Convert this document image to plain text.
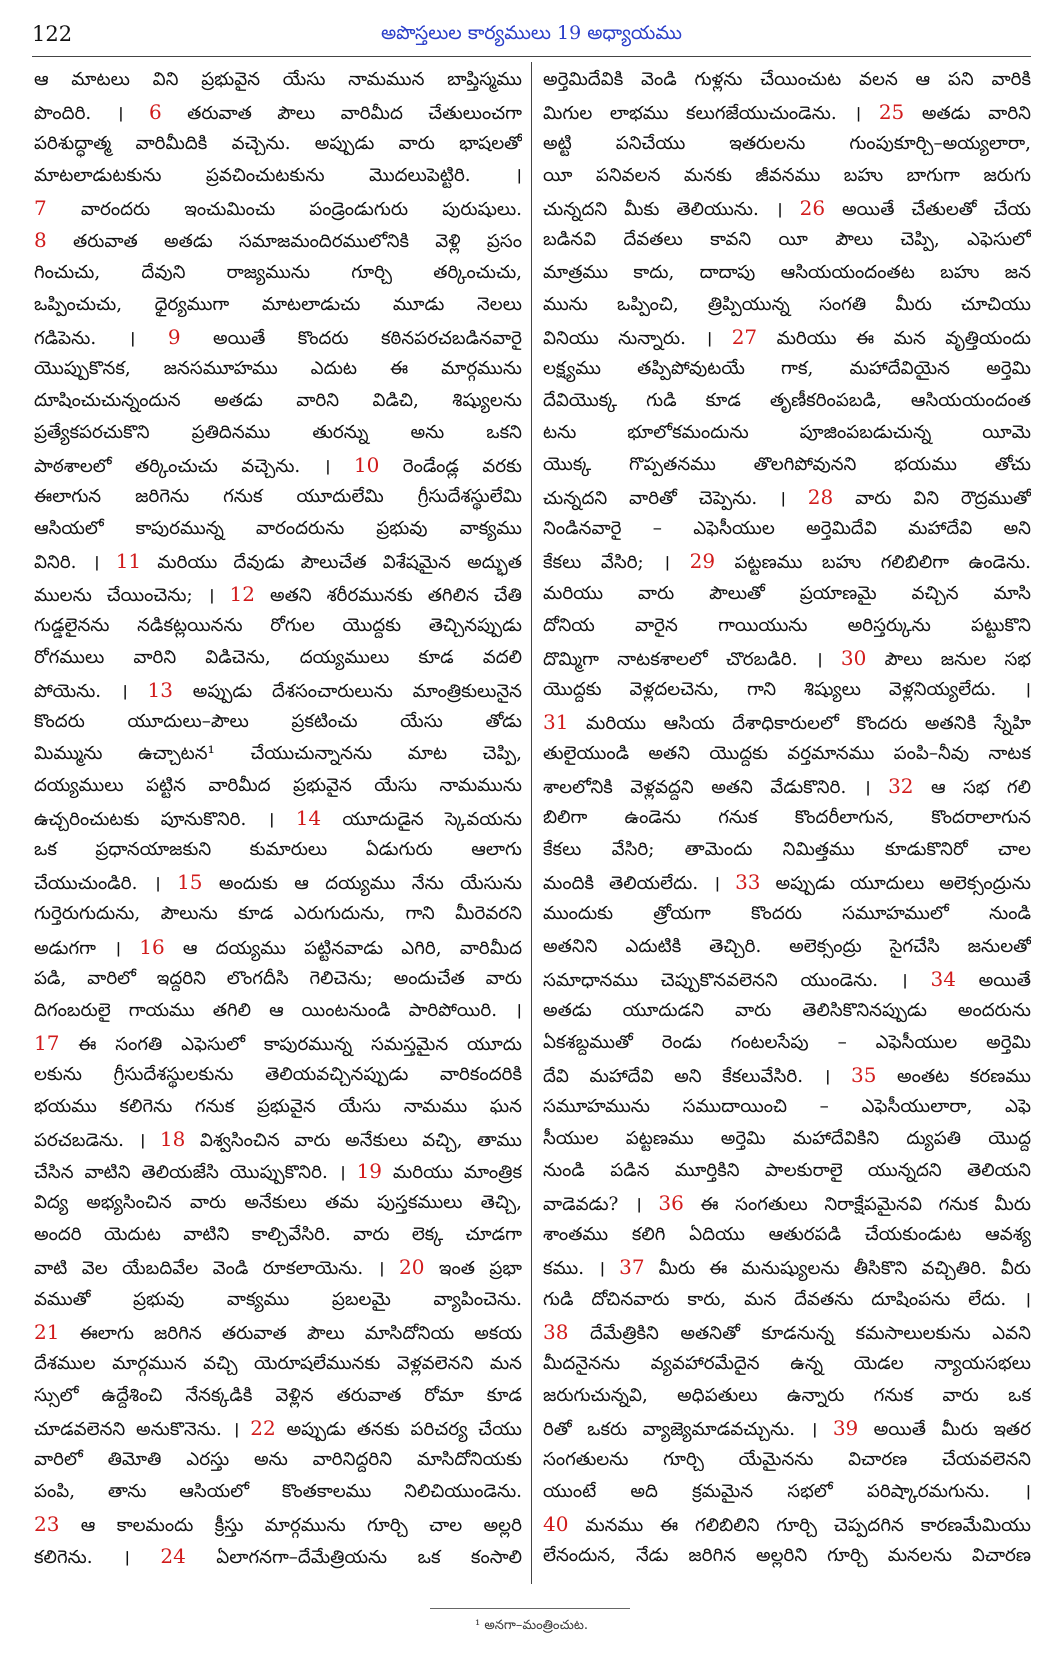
122	అపొస్తలుల కార్యములు 19 అధ్యాయము
ఆ మాటలు విని ప్రభువైన యేసు నామమున బాప్తిస్మము
పొందిరి. । 6 తరువాత పౌలు వారిమీద చేతులుంచగా
పరిశుద్ధాత్మ వారిమీదికి వచ్చెను. అప్పుడు వారు భాషలతో
మాటలాడుటకును ప్రవచించుటకును మొదలుపెట్టిరి. ।
7 వారందరు ఇంచుమించు పండ్రెండుగురు పురుషులు.
8 తరువాత అతడు సమాజమందిరములోనికి వెళ్లి ప్రసం
గించుచు, దేవుని రాజ్యమును గూర్చి తర్కించుచు,
ఒప్పించుచు, ధైర్యముగా మాటలాడుచు మూడు నెలలు
గడిపెను. । 9 అయితే కొందరు కఠినపరచబడినవారై
యొప్పుకొనక, జనసమూహము ఎదుట ఈ మార్గమును
దూషించుచున్నందున అతడు వారిని విడిచి, శిష్యులను
ప్రత్యేకపరచుకొని ప్రతిదినము తురన్ను అను ఒకని
పాఠశాలలో తర్కించుచు వచ్చెను. । 10 రెండేండ్ల వరకు
ఈలాగున జరిగెను గనుక యూదులేమి గ్రీసుదేశస్థులేమి
ఆసియలో కాపురమున్న వారందరును ప్రభువు వాక్యము
వినిరి. । 11 మరియు దేవుడు పౌలుచేత విశేషమైన అద్భుత
ములను చేయించెను; । 12 అతని శరీరమునకు తగిలిన చేతి
గుడ్డలైనను నడికట్లయినను రోగుల యొద్దకు తెచ్చినప్పుడు
రోగములు వారిని విడిచెను, దయ్యములు కూడ వదలి
పోయెను. । 13 అప్పుడు దేశసంచారులును మాంత్రికులునైన
కొందరు యూదులు–పౌలు ప్రకటించు యేసు తోడు
మిమ్మును ఉచ్చాటన¹ చేయుచున్నానను మాట చెప్పి,
దయ్యములు పట్టిన వారిమీద ప్రభువైన యేసు నామమును
ఉచ్చరించుటకు పూనుకొనిరి. । 14 యూదుడైన స్కెవయను
ఒక ప్రధానయాజకుని కుమారులు ఏడుగురు ఆలాగు
చేయుచుండిరి. । 15 అందుకు ఆ దయ్యము నేను యేసును
గుర్తెరుగుదును, పౌలును కూడ ఎరుగుదును, గాని మీరెవరని
అడుగగా । 16 ఆ దయ్యము పట్టినవాడు ఎగిరి, వారిమీద
పడి, వారిలో ఇద్దరిని లొంగదీసి గెలిచెను; అందుచేత వారు
దిగంబరులై గాయము తగిలి ఆ యింటనుండి పారిపోయిరి. ।
17 ఈ సంగతి ఎఫెసులో కాపురమున్న సమస్తమైన యూదు
లకును గ్రీసుదేశస్థులకును తెలియవచ్చినప్పుడు వారికందరికి
భయము కలిగెను గనుక ప్రభువైన యేసు నామము ఘన
పరచబడెను. । 18 విశ్వసించిన వారు అనేకులు వచ్చి, తాము
చేసిన వాటిని తెలియజేసి యొప్పుకొనిరి. । 19 మరియు మాంత్రిక
విద్య అభ్యసించిన వారు అనేకులు తమ పుస్తకములు తెచ్చి,
అందరి యెదుట వాటిని కాల్చివేసిరి. వారు లెక్క చూడగా
వాటి వెల యేబదివేల వెండి రూకలాయెను. । 20 ఇంత ప్రభా
వముతో ప్రభువు వాక్యము ప్రబలమై వ్యాపించెను.
21 ఈలాగు జరిగిన తరువాత పౌలు మాసిదోనియ అకయ
దేశముల మార్గమున వచ్చి యెరూషలేమునకు వెళ్లవలెనని మన
స్సులో ఉద్దేశించి నేనక్కడికి వెళ్లిన తరువాత రోమా కూడ
చూడవలెనని అనుకొనెను. । 22 అప్పుడు తనకు పరిచర్య చేయు
వారిలో తిమోతి ఎరస్తు అను వారినిద్దరిని మాసిదోనియకు
పంపి, తాను ఆసియలో కొంతకాలము నిలిచియుండెను.
23 ఆ కాలమందు క్రీస్తు మార్గమును గూర్చి చాల అల్లరి
కలిగెను. । 24 ఏలాగనగా–దేమేత్రియను ఒక కంసాలి
అర్తెమిదేవికి వెండి గుళ్లను చేయించుట వలన ఆ పని వారికి
మిగుల లాభము కలుగజేయుచుండెను. । 25 అతడు వారిని
అట్టి పనిచేయు ఇతరులను గుంపుకూర్చి–అయ్యలారా,
యీ పనివలన మనకు జీవనము బహు బాగుగా జరుగు
చున్నదని మీకు తెలియును. । 26 అయితే చేతులతో చేయ
బడినవి దేవతలు కావని యీ పౌలు చెప్పి, ఎఫెసులో
మాత్రము కాదు, దాదాపు ఆసియయందంతట బహు జన
మును ఒప్పించి, త్రిప్పియున్న సంగతి మీరు చూచియు
వినియు నున్నారు. । 27 మరియు ఈ మన వృత్తియందు
లక్ష్యము తప్పిపోవుటయే గాక, మహాదేవియైన అర్తెమి
దేవియొక్క గుడి కూడ తృణీకరింపబడి, ఆసియయందంత
టను భూలోకమందును పూజింపబడుచున్న యీమె
యొక్క గొప్పతనము తొలగిపోవునని భయము తోచు
చున్నదని వారితో చెప్పెను. । 28 వారు విని రౌద్రముతో
నిండినవారై – ఎఫెసీయుల అర్తెమిదేవి మహాదేవి అని
కేకలు వేసిరి; । 29 పట్టణము బహు గలిబిలిగా ఉండెను.
మరియు వారు పౌలుతో ప్రయాణమై వచ్చిన మాసి
దోనియ వారైన గాయియును అరిస్తర్కును పట్టుకొని
దొమ్మిగా నాటకశాలలో చొరబడిరి. । 30 పౌలు జనుల సభ
యొద్దకు వెళ్లదలచెను, గాని శిష్యులు వెళ్లనియ్యలేదు. ।
31 మరియు ఆసియ దేశాధికారులలో కొందరు అతనికి స్నేహి
తులైయుండి అతని యొద్దకు వర్తమానము పంపి–నీవు నాటక
శాలలోనికి వెళ్లవద్దని అతని వేడుకొనిరి. । 32 ఆ సభ గలి
బిలిగా ఉండెను గనుక కొందరీలాగున, కొందరాలాగున
కేకలు వేసిరి; తామెందు నిమిత్తము కూడుకొనిరో చాల
మందికి తెలియలేదు. । 33 అప్పుడు యూదులు అలెక్సంద్రును
ముందుకు త్రోయగా కొందరు సమూహములో నుండి
అతనిని ఎదుటికి తెచ్చిరి. అలెక్సంద్రు సైగచేసి జనులతో
సమాధానము చెప్పుకొనవలెనని యుండెను. । 34 అయితే
అతడు యూదుడని వారు తెలిసికొనినప్పుడు అందరును
ఏకశబ్దముతో రెండు గంటలసేపు – ఎఫెసీయుల అర్తెమి
దేవి మహాదేవి అని కేకలువేసిరి. । 35 అంతట కరణము
సమూహమును సముదాయించి – ఎఫెసీయులారా, ఎఫె
సీయుల పట్టణము అర్తెమి మహాదేవికిని ద్యుపతి యొద్ద
నుండి పడిన మూర్తికిని పాలకురాలై యున్నదని తెలియని
వాడెవడు? । 36 ఈ సంగతులు నిరాక్షేపమైనవి గనుక మీరు
శాంతము కలిగి ఏదియు ఆతురపడి చేయకుండుట ఆవశ్య
కము. । 37 మీరు ఈ మనుష్యులను తీసికొని వచ్చితిరి. వీరు
గుడి దోచినవారు కారు, మన దేవతను దూషింపను లేదు. ।
38 దేమేత్రికిని అతనితో కూడనున్న కమసాలులకును ఎవని
మీదనైనను వ్యవహారమేదైన ఉన్న యెడల న్యాయసభలు
జరుగుచున్నవి, అధిపతులు ఉన్నారు గనుక వారు ఒక
రితో ఒకరు వ్యాజ్యెమాడవచ్చును. । 39 అయితే మీరు ఇతర
సంగతులను గూర్చి యేమైనను విచారణ చేయవలెనని
యుంటే అది క్రమమైన సభలో పరిష్కారమగును. ।
40 మనము ఈ గలిబిలిని గూర్చి చెప్పదగిన కారణమేమియు
లేనందున, నేడు జరిగిన అల్లరిని గూర్చి మనలను విచారణ
¹ అనగా–మంత్రించుట.
